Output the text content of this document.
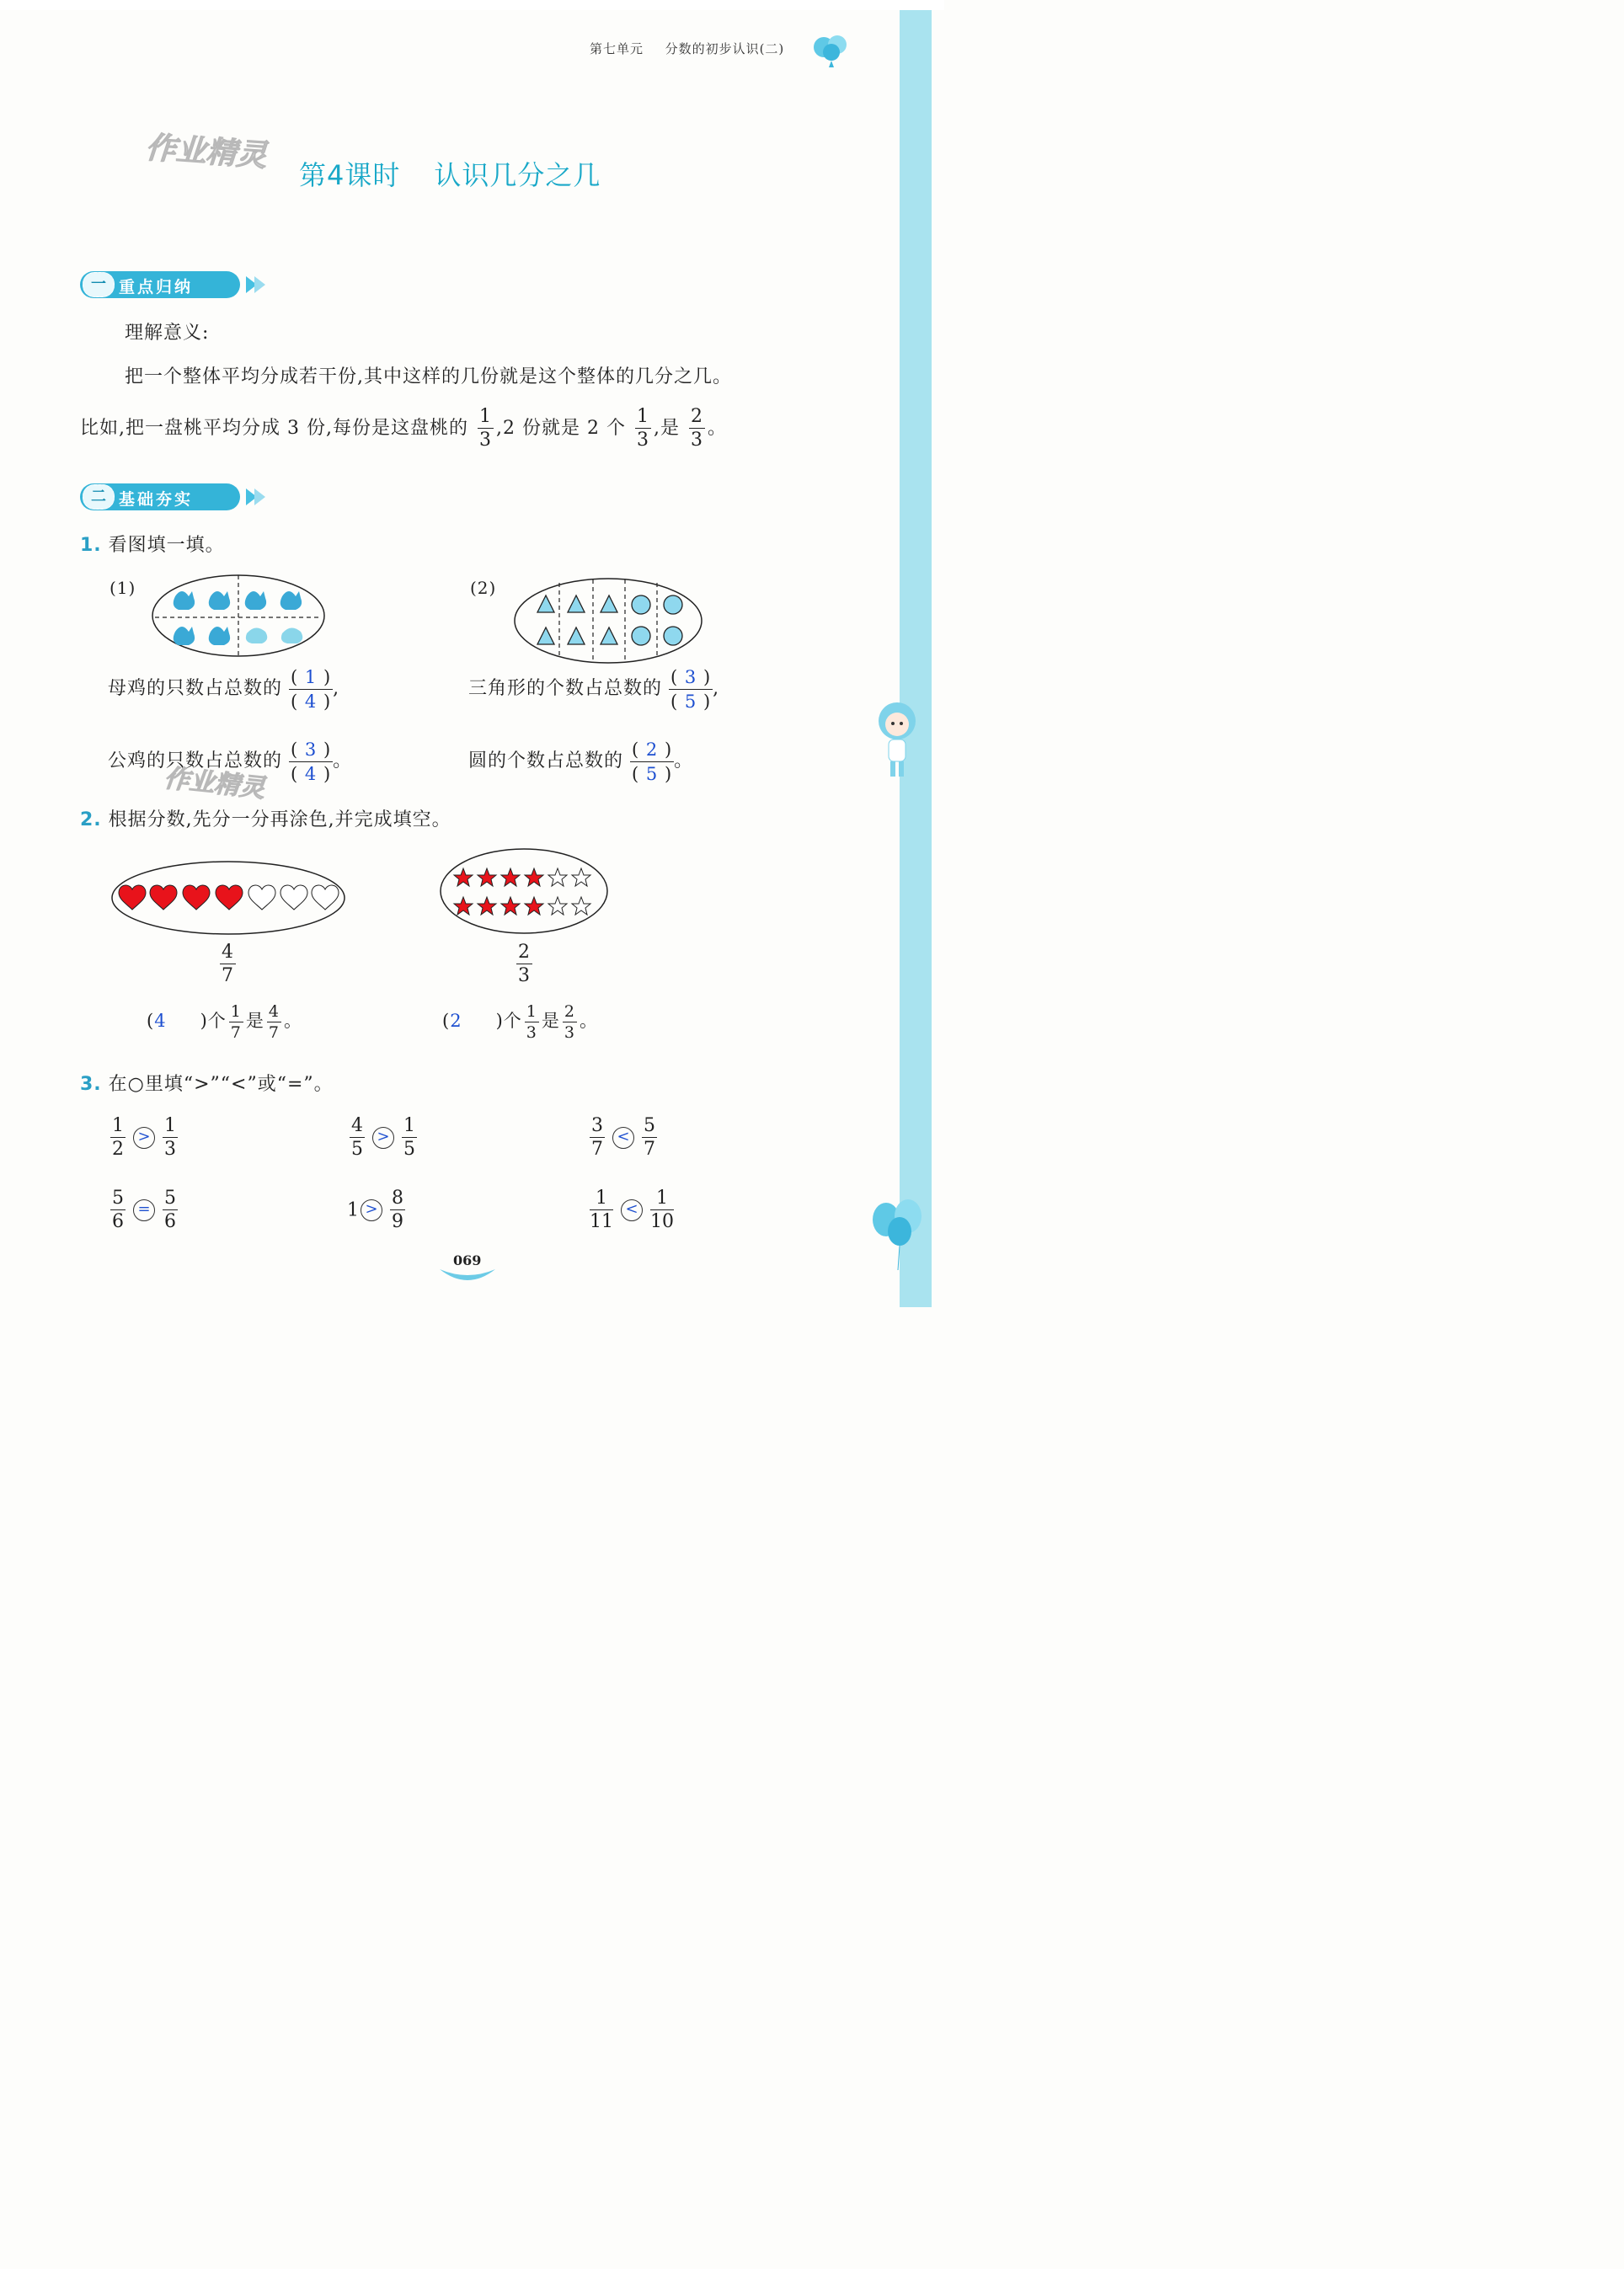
第七单元 分数的初步认识(二)
作业精灵
第4课时 认识几分之几
一 重点归纳
理解意义:
把一个整体平均分成若干份,其中这样的几份就是这个整体的几分之几。
比如,把一盘桃平均分成 3 份,每份是这盘桃的 $\frac{1}{3} ,2$ 份就是 2 个 $\frac{1}{3}$ ,是 $\frac{2}{3}$ 。
二 基础夯实
1. 看图填一填。
(1)	(2)
母鸡的只数占总数的 $\frac{( 1 )}{( 4 )}$ ,
公鸡的只数占总数的 $\frac{( 3 )}{( 4 )}$ 。
三角形的个数占总数的 $\frac{( 3 )}{( 5 )}$ ,
圆的个数占总数的 $\frac{( 2 )}{( 5 )}$ 。
作业精灵
2. 根据分数,先分一分再涂色,并完成填空。
$\frac{4}{7}$	$\frac{2}{3}$
(4 )个 $\frac{1}{7}$ 是 $\frac{4}{7}$ 。	(2 )个 $\frac{1}{3}$ 是 $\frac{2}{3}$ 。
3. 在○里填“>”“<”或“=”。
$\frac{1}{2} > \frac{1}{3}$	$\frac{4}{5} > \frac{1}{5}$	$\frac{3}{7} < \frac{5}{7}$
$\frac{5}{6} = \frac{5}{6}$	$1 > \frac{8}{9}$	$\frac{1}{11} < \frac{1}{10}$
069
